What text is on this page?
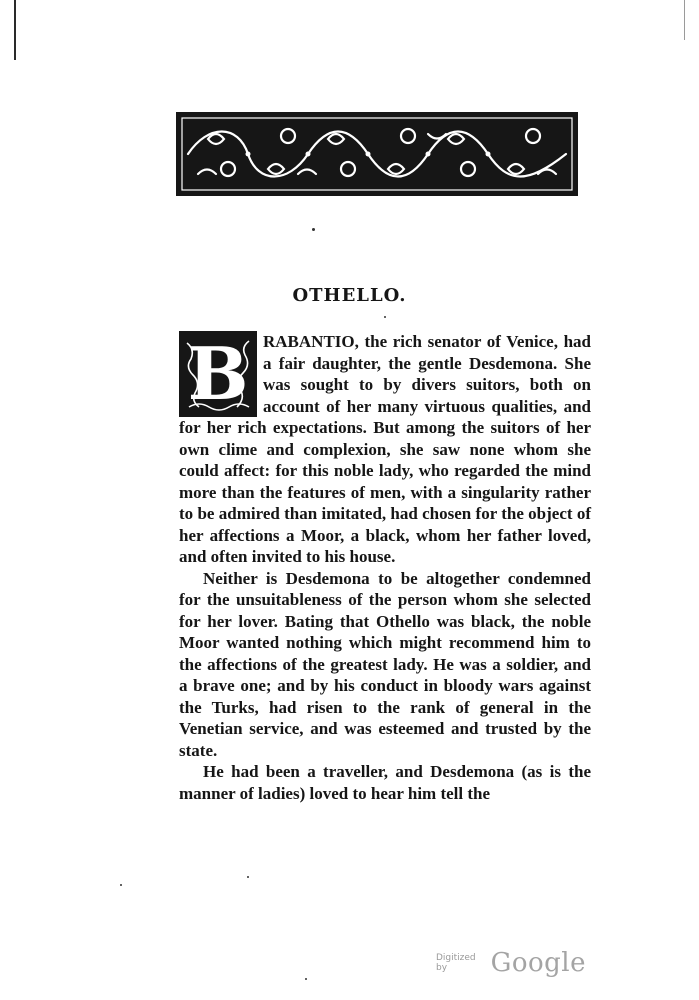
OTHELLO.

B RABANTIO, the rich senator of Venice, had a fair daughter, the gentle Desdemona. She was sought to by divers suitors, both on account of her many virtuous qualities, and for her rich expectations. But among the suitors of her own clime and complexion, she saw none whom she could affect: for this noble lady, who regarded the mind more than the features of men, with a singularity rather to be admired than imitated, had chosen for the object of her affections a Moor, a black, whom her father loved, and often invited to his house.

Neither is Desdemona to be altogether condemned for the unsuitableness of the person whom she selected for her lover. Bating that Othello was black, the noble Moor wanted nothing which might recommend him to the affections of the greatest lady. He was a soldier, and a brave one; and by his conduct in bloody wars against the Turks, had risen to the rank of general in the Venetian service, and was esteemed and trusted by the state.

He had been a traveller, and Desdemona (as is the manner of ladies) loved to hear him tell the

Digitized by	Google
